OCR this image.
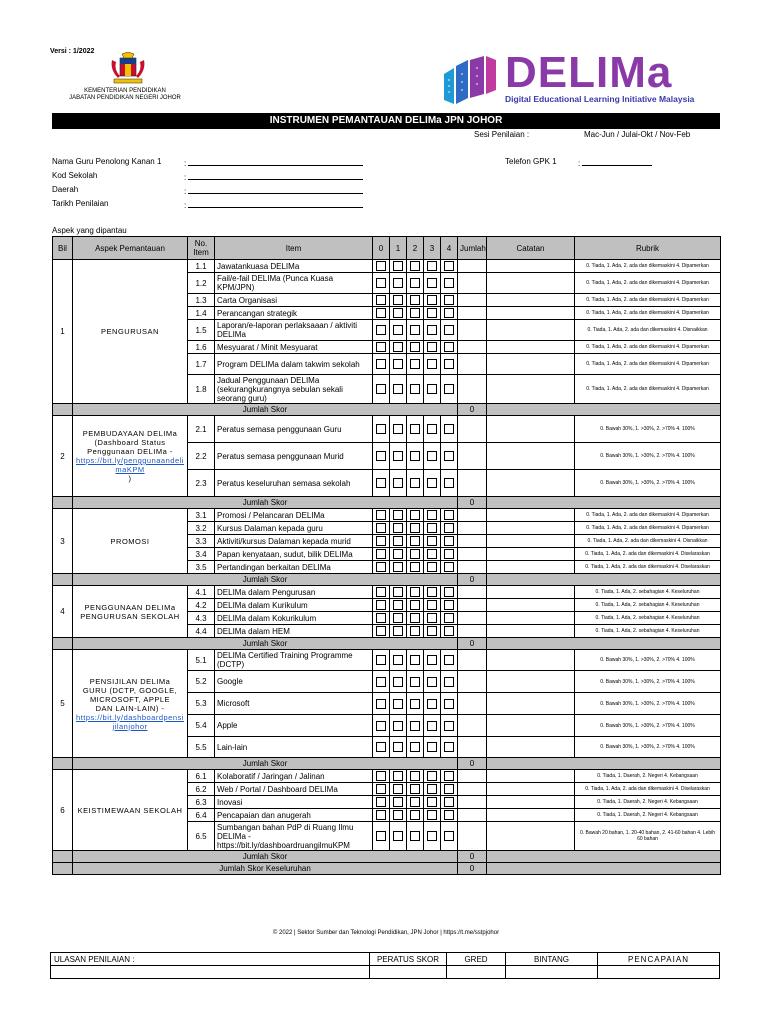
Versi : 1/2022
KEMENTERIAN PENDIDIKAN
JABATAN PENDIDIKAN NEGERI JOHOR
DELIMa
Digital Educational Learning Initiative Malaysia
INSTRUMEN PEMANTAUAN DELIMa JPN JOHOR
Sesi Penilaian :	Mac-Jun / Julai-Okt / Nov-Feb
Nama Guru Penolong Kanan 1	:
Kod Sekolah	:
Daerah	:
Tarikh Penilaian	:
Telefon GPK 1	:
Aspek yang dipantau
Bil	Aspek Pemantauan	No. Item	Item	0	1	2	3	4	Jumlah	Catatan	Rubrik
1	PENGURUSAN	1.1	Jawatankuasa DELIMa								0. Tiada, 1. Ada, 2. ada dan dikemaskini 4. Dipamerkan
		1.2	Fail/e-fail DELIMa (Punca Kuasa KPM/JPN)								0. Tiada, 1. Ada, 2. ada dan dikemaskini 4. Dipamerkan
		1.3	Carta Organisasi								0. Tiada, 1. Ada, 2. ada dan dikemaskini 4. Dipamerkan
		1.4	Perancangan strategik								0. Tiada, 1. Ada, 2. ada dan dikemaskini 4. Dipamerkan
		1.5	Laporan/e-laporan perlaksaaan / aktiviti DELIMa								0. Tiada, 1. Ada, 2. ada dan dikemaskini 4. Disnaikkan
		1.6	Mesyuarat / Minit Mesyuarat								0. Tiada, 1. Ada, 2. ada dan dikemaskini 4. Dipamerkan
		1.7	Program DELIMa dalam takwim sekolah								0. Tiada, 1. Ada, 2. ada dan dikemaskini 4. Dipamerkan
		1.8	Jadual Penggunaan DELIMa (sekurangkurangnya sebulan sekali seorang guru)								0. Tiada, 1. Ada, 2. ada dan dikemaskini 4. Dipamerkan
	Jumlah Skor								0		
2	PEMBUDAYAAN DELIMa
(Dashboard Status
Penggunaan DELIMa -
https://bit.ly/penggunaandelimaKPM
)	2.1	Peratus semasa penggunaan Guru								0. Bawah 30%, 1. >30%, 2. >70% 4. 100%
		2.2	Peratus semasa penggunaan Murid								0. Bawah 30%, 1. >30%, 2. >70% 4. 100%
		2.3	Peratus keseluruhan semasa sekolah								0. Bawah 30%, 1. >30%, 2. >70% 4. 100%
	Jumlah Skor								0		
3	PROMOSI	3.1	Promosi / Pelancaran DELIMa								0. Tiada, 1. Ada, 2. ada dan dikemaskini 4. Dipamerkan
		3.2	Kursus Dalaman kepada guru								0. Tiada, 1. Ada, 2. ada dan dikemaskini 4. Dipamerkan
		3.3	Aktiviti/kursus Dalaman kepada murid								0. Tiada, 1. Ada, 2. ada dan dikemaskini 4. Disnaikkan
		3.4	Papan kenyataan, sudut, bilik DELIMa								0. Tiada, 1. Ada, 2. ada dan dikemaskini 4. Diselaraskan
		3.5	Pertandingan berkaitan DELIMa								0. Tiada, 1. Ada, 2. ada dan dikemaskini 4. Diselaraskan
	Jumlah Skor								0		
4	PENGGUNAAN DELIMa PENGURUSAN SEKOLAH	4.1	DELIMa dalam Pengurusan								0. Tiada, 1. Ada, 2. sebahagian 4. Keseluruhan
		4.2	DELIMa dalam Kurikulum								0. Tiada, 1. Ada, 2. sebahagian 4. Keseluruhan
		4.3	DELIMa dalam Kokurikulum								0. Tiada, 1. Ada, 2. sebahagian 4. Keseluruhan
		4.4	DELIMa dalam HEM								0. Tiada, 1. Ada, 2. sebahagian 4. Keseluruhan
	Jumlah Skor								0		
5	PENSIJILAN DELIMa
GURU (DCTP, GOOGLE,
MICROSOFT, APPLE
DAN LAIN-LAIN) -
https://bit.ly/dashboardpensijilanjohor	5.1	DELIMa Certified Training Programme (DCTP)								0. Bawah 30%, 1. >30%, 2. >70% 4. 100%
		5.2	Google								0. Bawah 30%, 1. >30%, 2. >70% 4. 100%
		5.3	Microsoft								0. Bawah 30%, 1. >30%, 2. >70% 4. 100%
		5.4	Apple								0. Bawah 30%, 1. >30%, 2. >70% 4. 100%
		5.5	Lain-lain								0. Bawah 30%, 1. >30%, 2. >70% 4. 100%
	Jumlah Skor								0		
6	KEISTIMEWAAN SEKOLAH	6.1	Kolaboratif / Jaringan / Jalinan								0. Tiada, 1. Daerah, 2. Negeri 4. Kebangsaan
		6.2	Web / Portal / Dashboard DELIMa								0. Tiada, 1. Ada, 2. ada dan dikemaskini 4. Diselaraskan
		6.3	Inovasi								0. Tiada, 1. Daerah, 2. Negeri 4. Kebangsaan
		6.4	Pencapaian dan anugerah								0. Tiada, 1. Daerah, 2. Negeri 4. Kebangsaan
		6.5	Sumbangan bahan PdP di Ruang Ilmu DELIMa - https://bit.ly/dashboardruangilmuKPM								0. Bawah 20 bahan, 1. 20-40 bahan, 2. 41-60 bahan 4. Lebih 60 bahan
	Jumlah Skor								0		
	Jumlah Skor Keseluruhan								0		
© 2022 | Sektor Sumber dan Teknologi Pendidikan, JPN Johor | https://t.me/sstpjohor
ULASAN PENILAIAN :	PERATUS SKOR	GRED	BINTANG	PENCAPAIAN
